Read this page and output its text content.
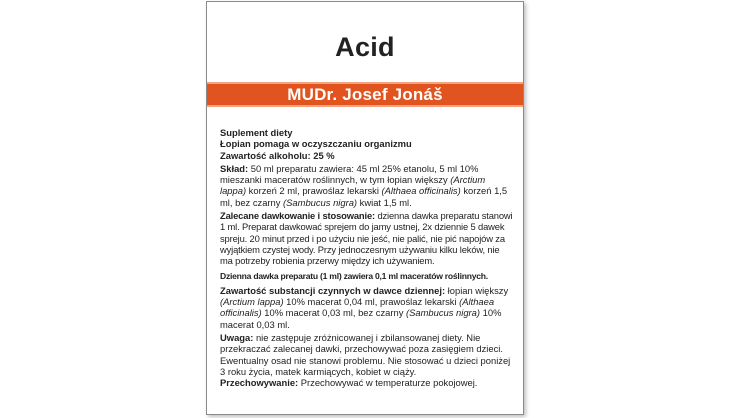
Acid
MUDr. Josef Jonáš

Suplement diety

Łopian pomaga w oczyszczaniu organizmu

Zawartość alkoholu: 25 %

Skład: 50 ml preparatu zawiera: 45 ml 25% etanolu, 5 ml 10% mieszanki maceratów roślinnych, w tym łopian większy (Arctium lappa) korzeń 2 ml, prawoślaz lekarski (Althaea officinalis) korzeń 1,5 ml, bez czarny (Sambucus nigra) kwiat 1,5 ml.

Zalecane dawkowanie i stosowanie: dzienna dawka preparatu stanowi 1 ml. Preparat dawkować sprejem do jamy ustnej, 2x dziennie 5 dawek spreju. 20 minut przed i po użyciu nie jeść, nie palić, nie pić napojów za wyjątkiem czystej wody. Przy jednoczesnym używaniu kilku leków, nie ma potrzeby robienia przerwy między ich używaniem.

Dzienna dawka preparatu (1 ml) zawiera 0,1 ml maceratów roślinnych.

Zawartość substancji czynnych w dawce dziennej: łopian większy (Arctium lappa) 10% macerat 0,04 ml, prawoślaz lekarski (Althaea officinalis) 10% macerat 0,03 ml, bez czarny (Sambucus nigra) 10% macerat 0,03 ml.

Uwaga: nie zastępuje zróżnicowanej i zbilansowanej diety. Nie przekraczać zalecanej dawki, przechowywać poza zasięgiem dzieci. Ewentualny osad nie stanowi problemu. Nie stosować u dzieci poniżej 3 roku życia, matek karmiących, kobiet w ciąży.

Przechowywanie: Przechowywać w temperaturze pokojowej.
